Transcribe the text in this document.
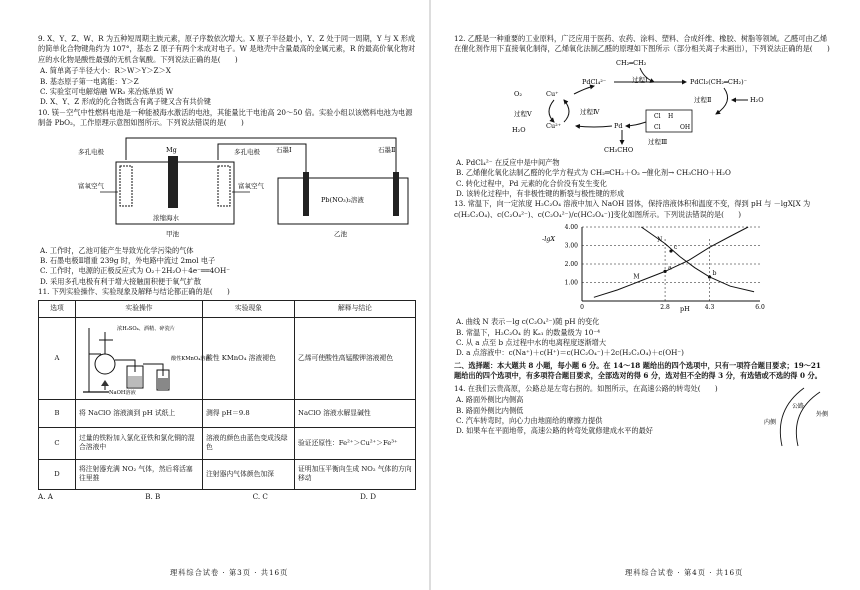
9. X、Y、Z、W、R 为五种短周期主族元素，原子序数依次增大。X 原子半径最小，Y、Z 处于同一周期，Y 与 X 形成的简单化合物键角约为 107°，基态 Z 原子有两个未成对电子。W 是地壳中含量最高的金属元素，R 的最高价氧化物对应的水化物是酸性最强的无机含氧酸。下列说法正确的是(　　)

A. 简单离子半径大小：R＞W＞Y＞Z＞X

B. 基态原子第一电离能：Y＞Z

C. 实验室可电解熔融 WR₃ 来冶炼单质 W

D. X、Y、Z 形成的化合物既含有离子键又含有共价键

10. 镁－空气中性燃料电池是一种能被海水激活的电池，其能量比干电池高 20～50 倍。实验小组以该燃料电池为电源制备 PbO₂，工作原理示意图如图所示。下列说法错误的是(　　)

多孔电极	多孔电极
富氧空气	富氧空气
Mg
浓缩海水
甲池
石墨Ⅰ	石墨Ⅱ
Pb(NO₃)₂溶液
乙池

A. 工作时，乙池可能产生导致光化学污染的气体

B. 石墨电极Ⅱ增重 239g 时，外电路中流过 2mol 电子

C. 工作时，电源的正极反应式为 O₂＋2H₂O＋4e⁻══4OH⁻

D. 采用多孔电极有利于增大接触面积便于氧气扩散

11. 下列实验操作、实验现象及解释与结论都正确的是(　　)

选项	实验操作	实验现象	解释与结论
A	浓H₂SO₄、酒精、碎瓷片
NaOH溶液
酸性KMnO₄溶液	酸性 KMnO₄ 溶液褪色	乙烯可使酸性高锰酸钾溶液褪色
B	将 NaClO 溶液滴到 pH 试纸上	测得 pH＝9.8	NaClO 溶液水解显碱性
C	过量的铁粉加入氯化亚铁和氯化铜的混合溶液中	溶液的颜色由蓝色变成浅绿色	验证还原性：Fe²⁺＞Cu²⁺＞Fe³⁺
D	将注射器充满 NO₂ 气体，然后将活塞往里推	注射器内气体颜色加深	证明加压平衡向生成 NO₂ 气体的方向移动
A. A	B. B	C. C	D. D
理科综合试卷 · 第3页 · 共16页

12. 乙醛是一种重要的工业原料，广泛应用于医药、农药、涂料、塑料、合成纤维、橡胶、树脂等领域。乙醛可由乙烯在催化剂作用下直接氧化制得，乙烯氧化法制乙醛的原理如下图所示（部分相关离子未画出），下列说法正确的是(　　)

CH₂═CH₂
PdCl₄²⁻	过程Ⅰ	PdCl₂(CH₂═CH₂)⁻
过程Ⅱ	H₂O
O₂	Cu⁺
Cu²⁺
过程Ⅴ
H₂O
过程Ⅳ
Pd
Cl
Cl
H
OH
过程Ⅲ
CH₃CHO

A. PdCl₄²⁻ 在反应中是中间产物

B. 乙烯催化氧化法制乙醛的化学方程式为 CH₂═CH₂＋O₂ ─催化剂→ CH₃CHO＋H₂O

C. 转化过程中，Pd 元素的化合价没有发生变化

D. 该转化过程中，有非极性键的断裂与极性键的形成

13. 常温下，向一定浓度 H₂C₂O₄ 溶液中加入 NaOH 固体，保持溶液体积和温度不变，得到 pH 与 －lgX[X 为 c(H₂C₂O₄)、c(C₂O₄²⁻)、c(C₂O₄²⁻)/c(HC₂O₄⁻)]变化如图所示。下列说法错误的是(　　)

-lgX
pH
1.00
2.00
3.00
4.00
0	2.8	4.3	6.0
M
N
a
b
c

A. 曲线 N 表示－lg c(C₂O₄²⁻)随 pH 的变化

B. 常温下，H₂C₂O₄ 的 Kₐ₁ 的数量级为 10⁻⁴

C. 从 a 点至 b 点过程中水的电离程度逐渐增大

D. a 点溶液中：c(Na⁺)＋c(H⁺)＝c(HC₂O₄⁻)＋2c(H₂C₂O₄)＋c(OH⁻)

二、选择题：本大题共 8 小题，每小题 6 分。在 14～18 题给出的四个选项中，只有一项符合题目要求；19～21 题给出的四个选项中，有多项符合题目要求，全部选对的得 6 分，选对但不全的得 3 分，有选错或不选的得 0 分。

14. 在我们云贵高原，公路总是左弯右拐的。如图所示，在高速公路的转弯处(　　)

A. 路面外侧比内侧高

B. 路面外侧比内侧低

C. 汽车转弯时，向心力由地面给的摩擦力提供

D. 如果车在平面地带，高速公路的转弯处就修建成水平的最好

内侧
外侧
公路
理科综合试卷 · 第4页 · 共16页
